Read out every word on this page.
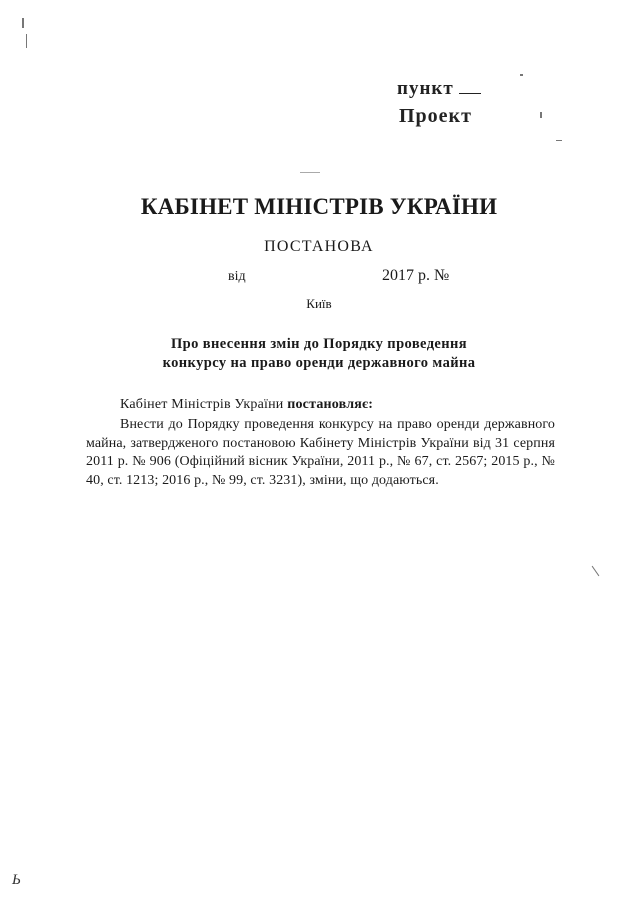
пункт
Проект
КАБІНЕТ МІНІСТРІВ УКРАЇНИ
ПОСТАНОВА
від	2017 р. №
Київ
Про внесення змін до Порядку проведення
конкурсу на право оренди державного майна
Кабінет Міністрів України постановляє:
Внести до Порядку проведення конкурсу на право оренди державного майна, затвердженого постановою Кабінету Міністрів України від 31 серпня 2011 р. № 906 (Офіційний вісник України, 2011 р., № 67, ст. 2567; 2015 р., № 40, ст. 1213; 2016 р., № 99, ст. 3231), зміни, що додаються.
Ь
